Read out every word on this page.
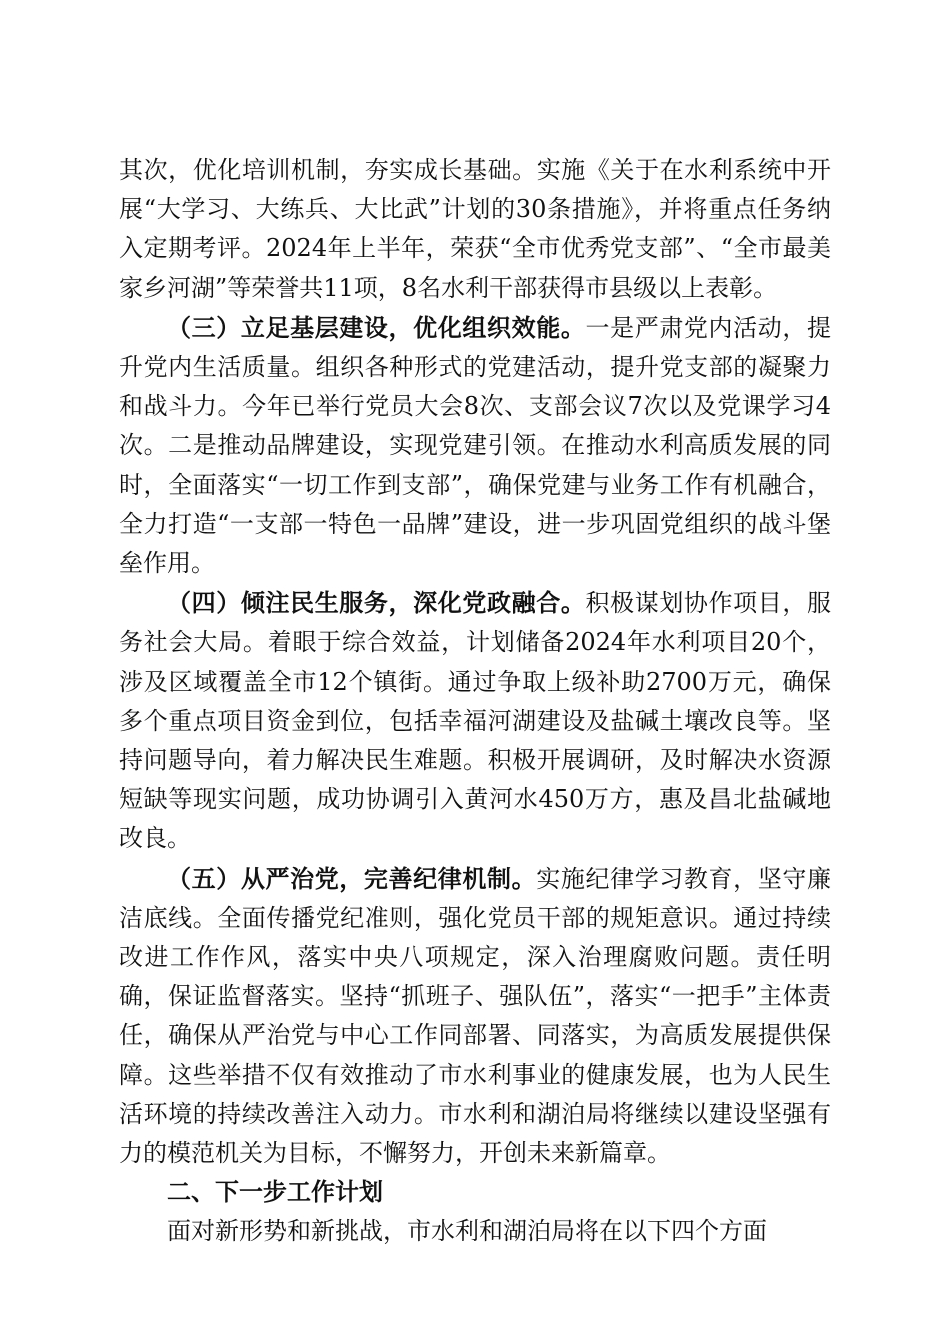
其次，优化培训机制，夯实成长基础。实施《关于在水利系统中开展“大学习、大练兵、大比武”计划的30条措施》，并将重点任务纳入定期考评。2024年上半年，荣获“全市优秀党支部”、“全市最美家乡河湖”等荣誉共11项，8名水利干部获得市县级以上表彰。

（三）立足基层建设，优化组织效能。一是严肃党内活动，提升党内生活质量。组织各种形式的党建活动，提升党支部的凝聚力和战斗力。今年已举行党员大会8次、支部会议7次以及党课学习4次。二是推动品牌建设，实现党建引领。在推动水利高质发展的同时，全面落实“一切工作到支部”，确保党建与业务工作有机融合，全力打造“一支部一特色一品牌”建设，进一步巩固党组织的战斗堡垒作用。

（四）倾注民生服务，深化党政融合。积极谋划协作项目，服务社会大局。着眼于综合效益，计划储备2024年水利项目20个，涉及区域覆盖全市12个镇街。通过争取上级补助2700万元，确保多个重点项目资金到位，包括幸福河湖建设及盐碱土壤改良等。坚持问题导向，着力解决民生难题。积极开展调研，及时解决水资源短缺等现实问题，成功协调引入黄河水450万方，惠及昌北盐碱地改良。

（五）从严治党，完善纪律机制。实施纪律学习教育，坚守廉洁底线。全面传播党纪准则，强化党员干部的规矩意识。通过持续改进工作作风，落实中央八项规定，深入治理腐败问题。责任明确，保证监督落实。坚持“抓班子、强队伍”，落实“一把手”主体责任，确保从严治党与中心工作同部署、同落实，为高质发展提供保障。这些举措不仅有效推动了市水利事业的健康发展，也为人民生活环境的持续改善注入动力。市水利和湖泊局将继续以建设坚强有力的模范机关为目标，不懈努力，开创未来新篇章。

二、下一步工作计划

面对新形势和新挑战，市水利和湖泊局将在以下四个方面
